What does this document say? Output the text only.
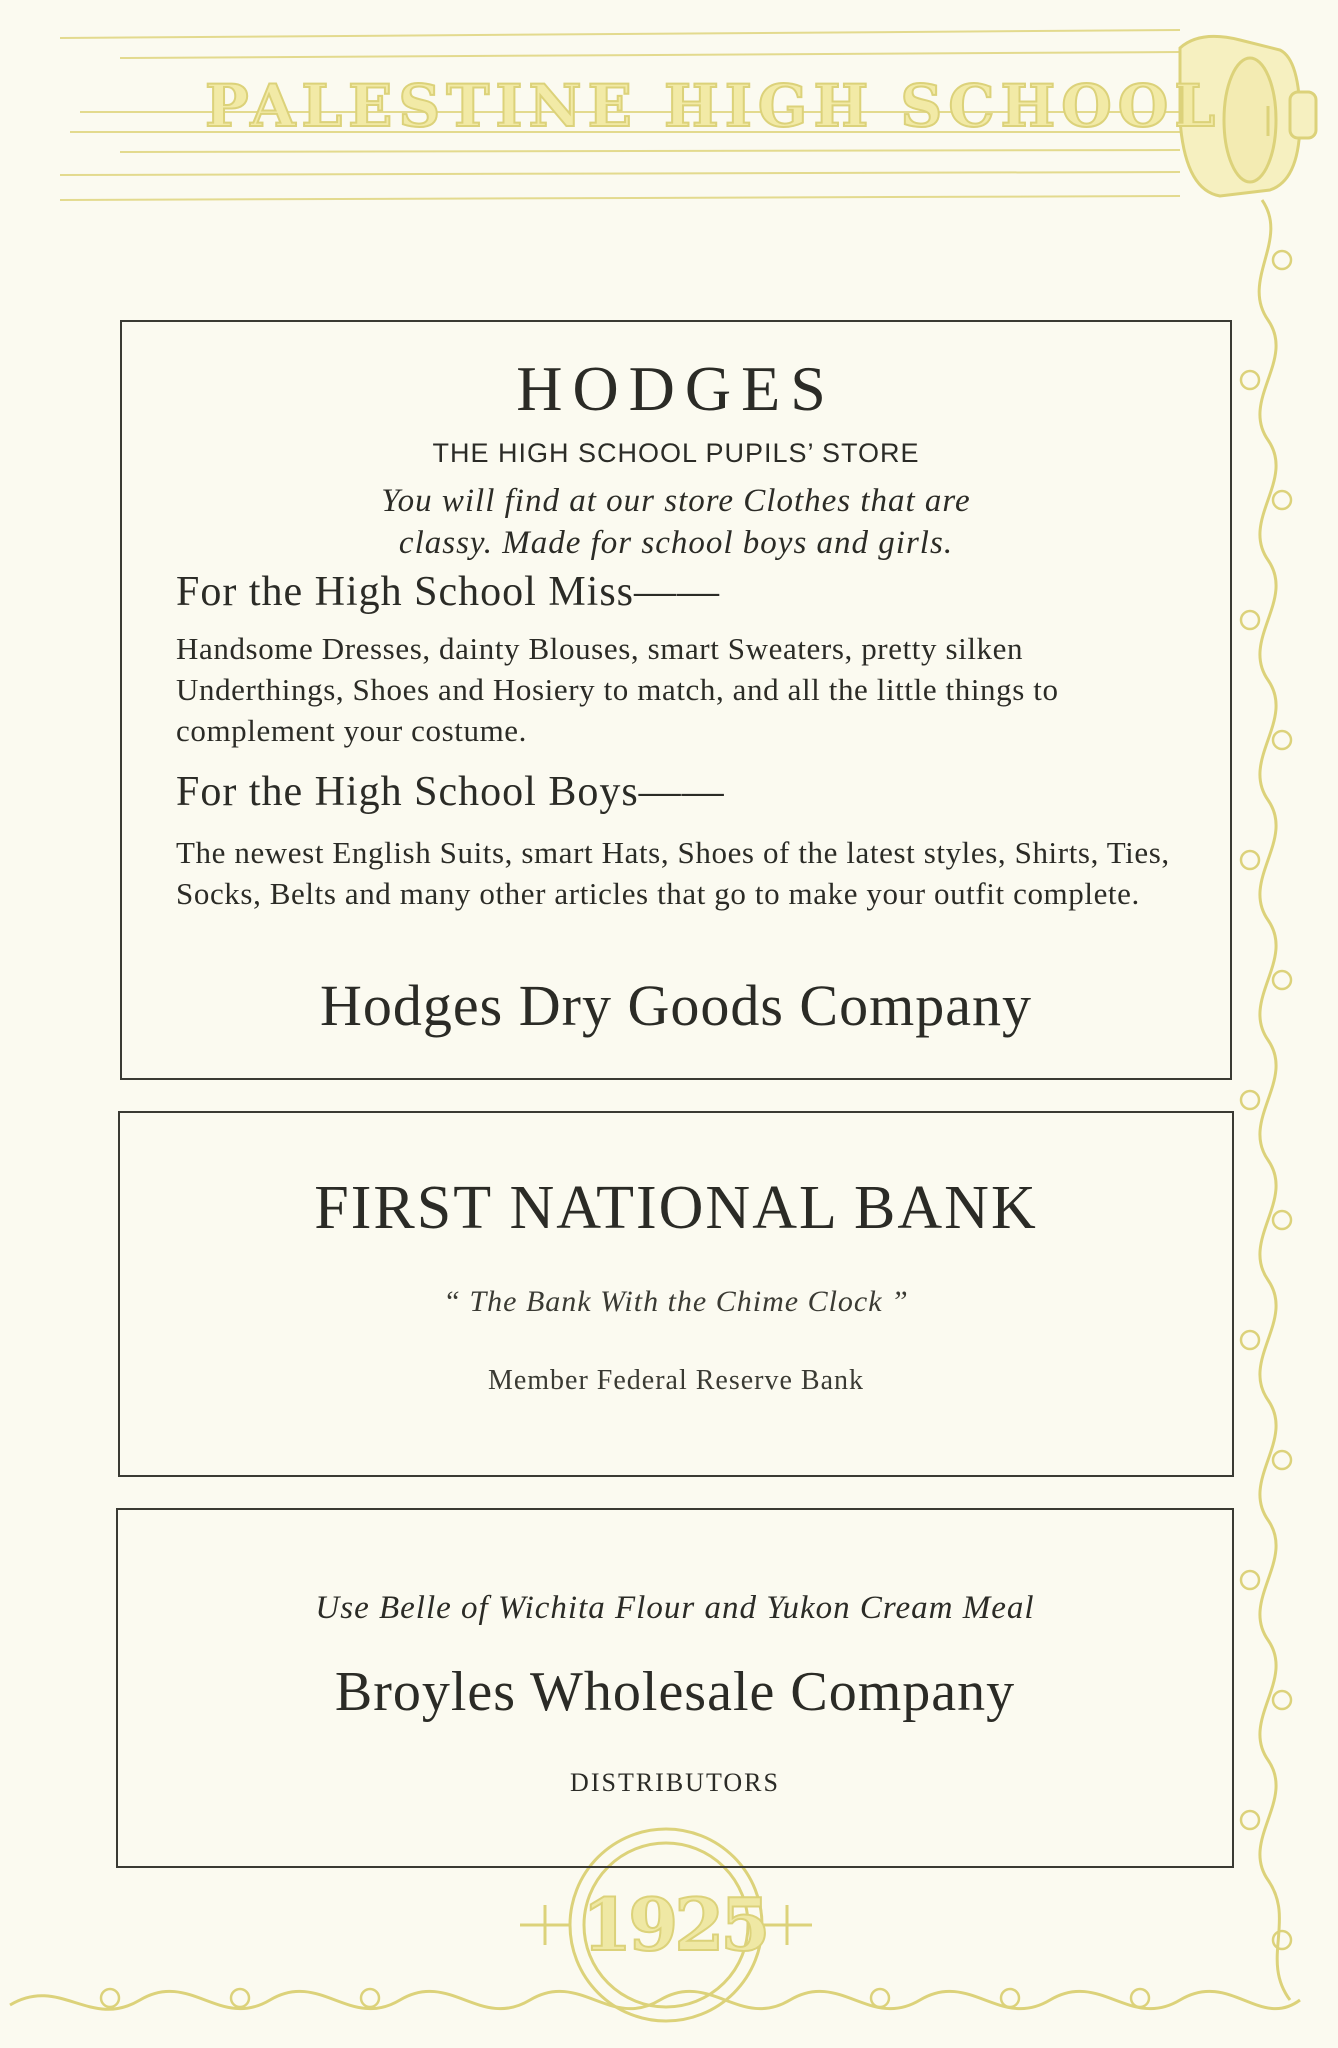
PALESTINE HIGH SCHOOL
1925
HODGES
THE HIGH SCHOOL PUPILS’ STORE
You will find at our store Clothes that are
classy. Made for school boys and girls.
For the High School Miss——
Handsome Dresses, dainty Blouses, smart Sweaters, pretty silken Underthings, Shoes and Hosiery to match, and all the little things to complement your costume.
For the High School Boys——
The newest English Suits, smart Hats, Shoes of the latest styles, Shirts, Ties, Socks, Belts and many other articles that go to make your outfit complete.
Hodges Dry Goods Company
FIRST NATIONAL BANK
“ The Bank With the Chime Clock ”
Member Federal Reserve Bank
Use Belle of Wichita Flour and Yukon Cream Meal
Broyles Wholesale Company
DISTRIBUTORS
